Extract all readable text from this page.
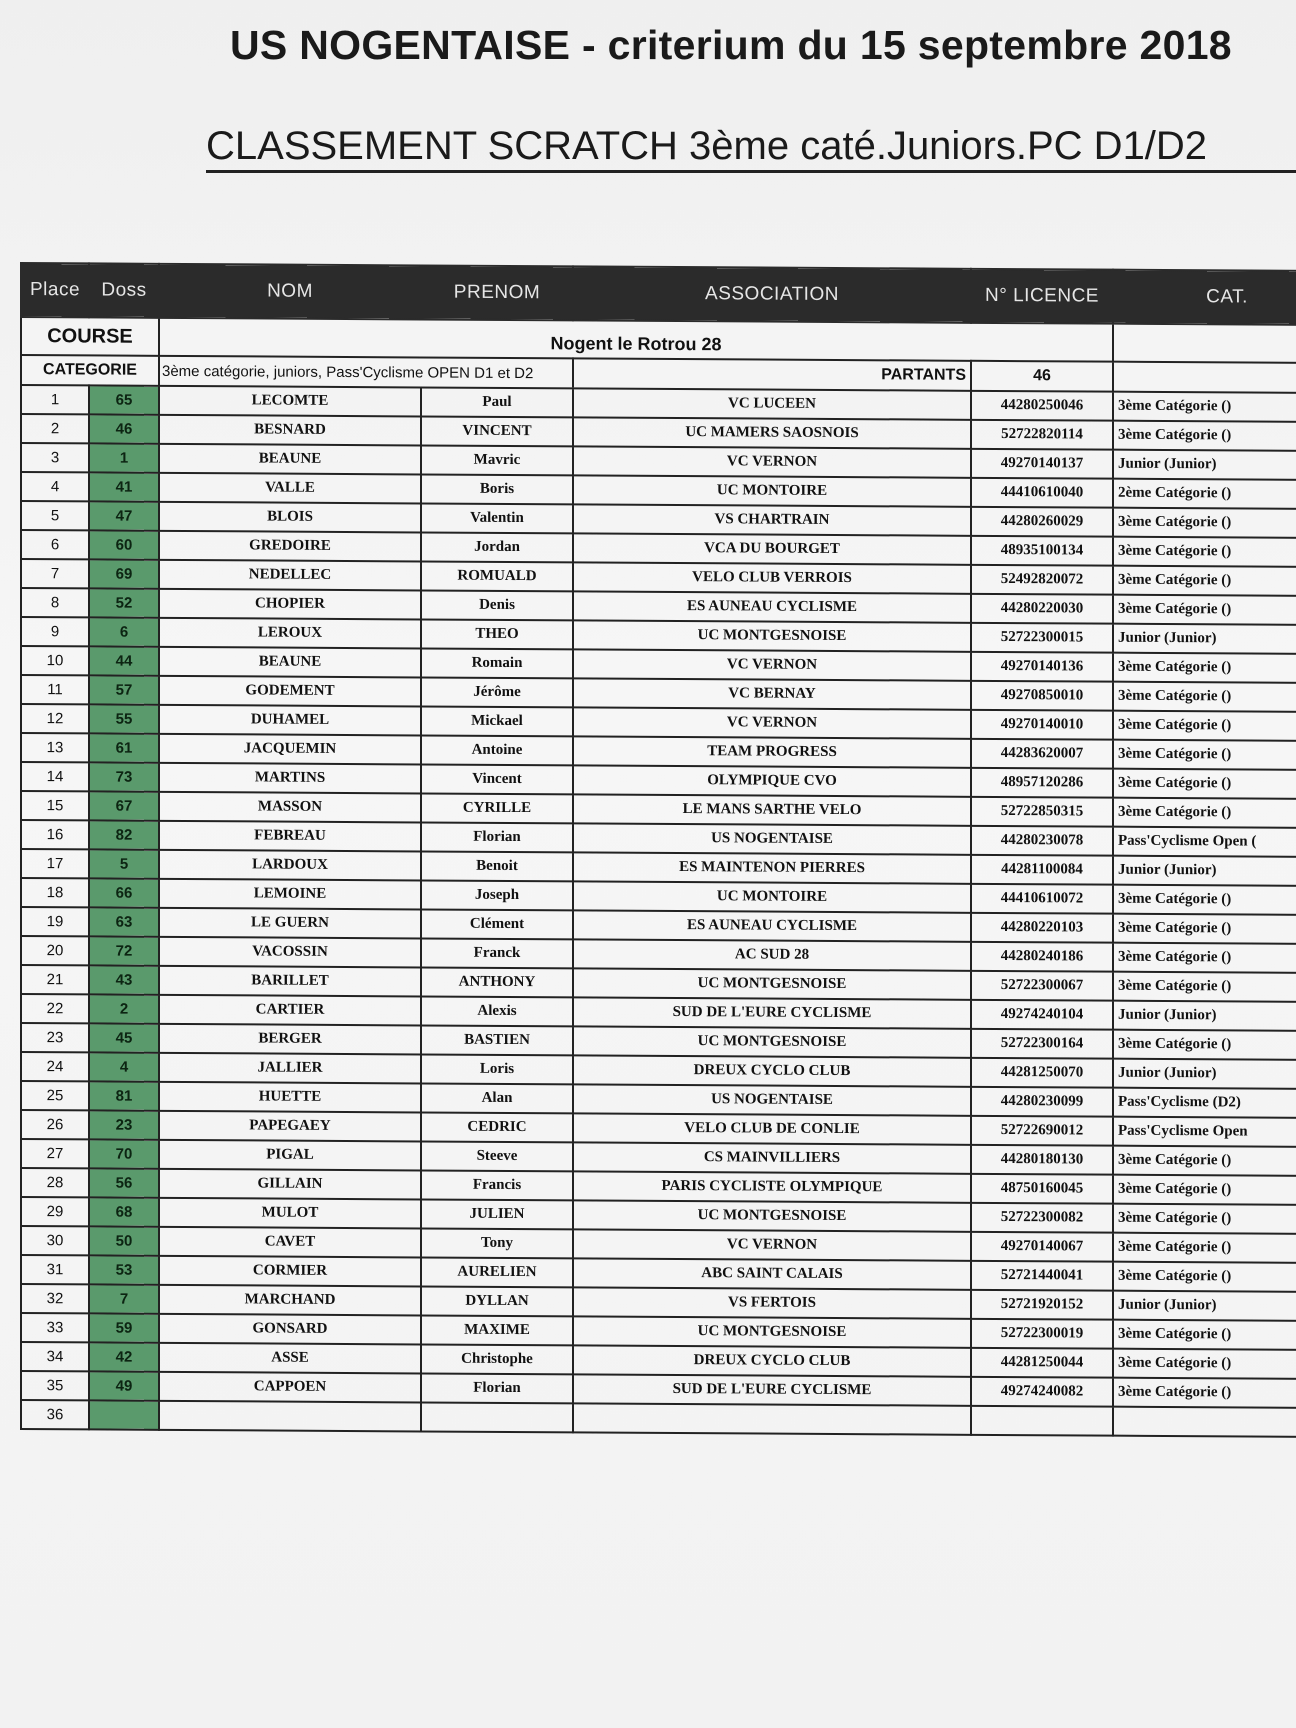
US NOGENTAISE - criterium du 15 septembre 2018
CLASSEMENT SCRATCH 3ème caté.Juniors.PC D1/D2
COURSE		Nogent le Rotrou 28				
CATEGORIE		3ème catégorie, juniors, Pass'Cyclisme OPEN D1 et D2		PARTANTS	46	
Place	Doss	NOM	PRENOM	ASSOCIATION	N° LICENCE	CAT.
1	65	LECOMTE	Paul	VC LUCEEN	44280250046	3ème Catégorie ()
2	46	BESNARD	VINCENT	UC MAMERS SAOSNOIS	52722820114	3ème Catégorie ()
3	1	BEAUNE	Mavric	VC VERNON	49270140137	Junior (Junior)
4	41	VALLE	Boris	UC MONTOIRE	44410610040	2ème Catégorie ()
5	47	BLOIS	Valentin	VS CHARTRAIN	44280260029	3ème Catégorie ()
6	60	GREDOIRE	Jordan	VCA DU BOURGET	48935100134	3ème Catégorie ()
7	69	NEDELLEC	ROMUALD	VELO CLUB VERROIS	52492820072	3ème Catégorie ()
8	52	CHOPIER	Denis	ES AUNEAU CYCLISME	44280220030	3ème Catégorie ()
9	6	LEROUX	THEO	UC MONTGESNOISE	52722300015	Junior (Junior)
10	44	BEAUNE	Romain	VC VERNON	49270140136	3ème Catégorie ()
11	57	GODEMENT	Jérôme	VC BERNAY	49270850010	3ème Catégorie ()
12	55	DUHAMEL	Mickael	VC VERNON	49270140010	3ème Catégorie ()
13	61	JACQUEMIN	Antoine	TEAM PROGRESS	44283620007	3ème Catégorie ()
14	73	MARTINS	Vincent	OLYMPIQUE CVO	48957120286	3ème Catégorie ()
15	67	MASSON	CYRILLE	LE MANS SARTHE VELO	52722850315	3ème Catégorie ()
16	82	FEBREAU	Florian	US NOGENTAISE	44280230078	Pass'Cyclisme Open (
17	5	LARDOUX	Benoit	ES MAINTENON PIERRES	44281100084	Junior (Junior)
18	66	LEMOINE	Joseph	UC MONTOIRE	44410610072	3ème Catégorie ()
19	63	LE GUERN	Clément	ES AUNEAU CYCLISME	44280220103	3ème Catégorie ()
20	72	VACOSSIN	Franck	AC SUD 28	44280240186	3ème Catégorie ()
21	43	BARILLET	ANTHONY	UC MONTGESNOISE	52722300067	3ème Catégorie ()
22	2	CARTIER	Alexis	SUD DE L'EURE CYCLISME	49274240104	Junior (Junior)
23	45	BERGER	BASTIEN	UC MONTGESNOISE	52722300164	3ème Catégorie ()
24	4	JALLIER	Loris	DREUX CYCLO CLUB	44281250070	Junior (Junior)
25	81	HUETTE	Alan	US NOGENTAISE	44280230099	Pass'Cyclisme (D2)
26	23	PAPEGAEY	CEDRIC	VELO CLUB DE CONLIE	52722690012	Pass'Cyclisme Open
27	70	PIGAL	Steeve	CS MAINVILLIERS	44280180130	3ème Catégorie ()
28	56	GILLAIN	Francis	PARIS CYCLISTE OLYMPIQUE	48750160045	3ème Catégorie ()
29	68	MULOT	JULIEN	UC MONTGESNOISE	52722300082	3ème Catégorie ()
30	50	CAVET	Tony	VC VERNON	49270140067	3ème Catégorie ()
31	53	CORMIER	AURELIEN	ABC SAINT CALAIS	52721440041	3ème Catégorie ()
32	7	MARCHAND	DYLLAN	VS FERTOIS	52721920152	Junior (Junior)
33	59	GONSARD	MAXIME	UC MONTGESNOISE	52722300019	3ème Catégorie ()
34	42	ASSE	Christophe	DREUX CYCLO CLUB	44281250044	3ème Catégorie ()
35	49	CAPPOEN	Florian	SUD DE L'EURE CYCLISME	49274240082	3ème Catégorie ()
36						
